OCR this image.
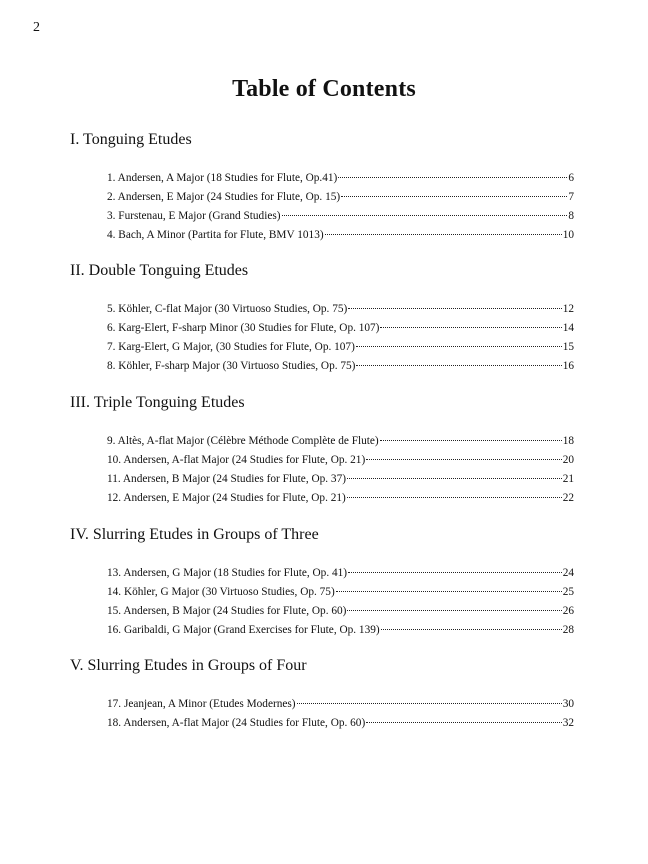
2
Table of Contents
I. Tonguing Etudes
1. Andersen, A Major (18 Studies for Flute, Op.41)	6
2. Andersen, E Major (24 Studies for Flute, Op. 15)	7
3. Furstenau, E Major (Grand Studies)	8
4. Bach, A Minor (Partita for Flute, BMV 1013)	10
II. Double Tonguing Etudes
5. Köhler, C-flat Major (30 Virtuoso Studies, Op. 75)	12
6. Karg-Elert, F-sharp Minor (30 Studies for Flute, Op. 107)	14
7. Karg-Elert, G Major, (30 Studies for Flute, Op. 107)	15
8. Köhler, F-sharp Major (30 Virtuoso Studies, Op. 75)	16
III. Triple Tonguing Etudes
9. Altès, A-flat Major (Célèbre Méthode Complète de Flute)	18
10. Andersen, A-flat Major (24 Studies for Flute, Op. 21)	20
11. Andersen, B Major (24 Studies for Flute, Op. 37)	21
12. Andersen, E Major (24 Studies for Flute, Op. 21)	22
IV. Slurring Etudes in Groups of Three
13. Andersen, G Major (18 Studies for Flute, Op. 41)	24
14. Köhler, G Major (30 Virtuoso Studies, Op. 75)	25
15. Andersen, B Major (24 Studies for Flute, Op. 60)	26
16. Garibaldi, G Major (Grand Exercises for Flute, Op. 139)	28
V. Slurring Etudes in Groups of Four
17. Jeanjean, A Minor (Etudes Modernes)	30
18. Andersen, A-flat Major (24 Studies for Flute, Op. 60)	32
